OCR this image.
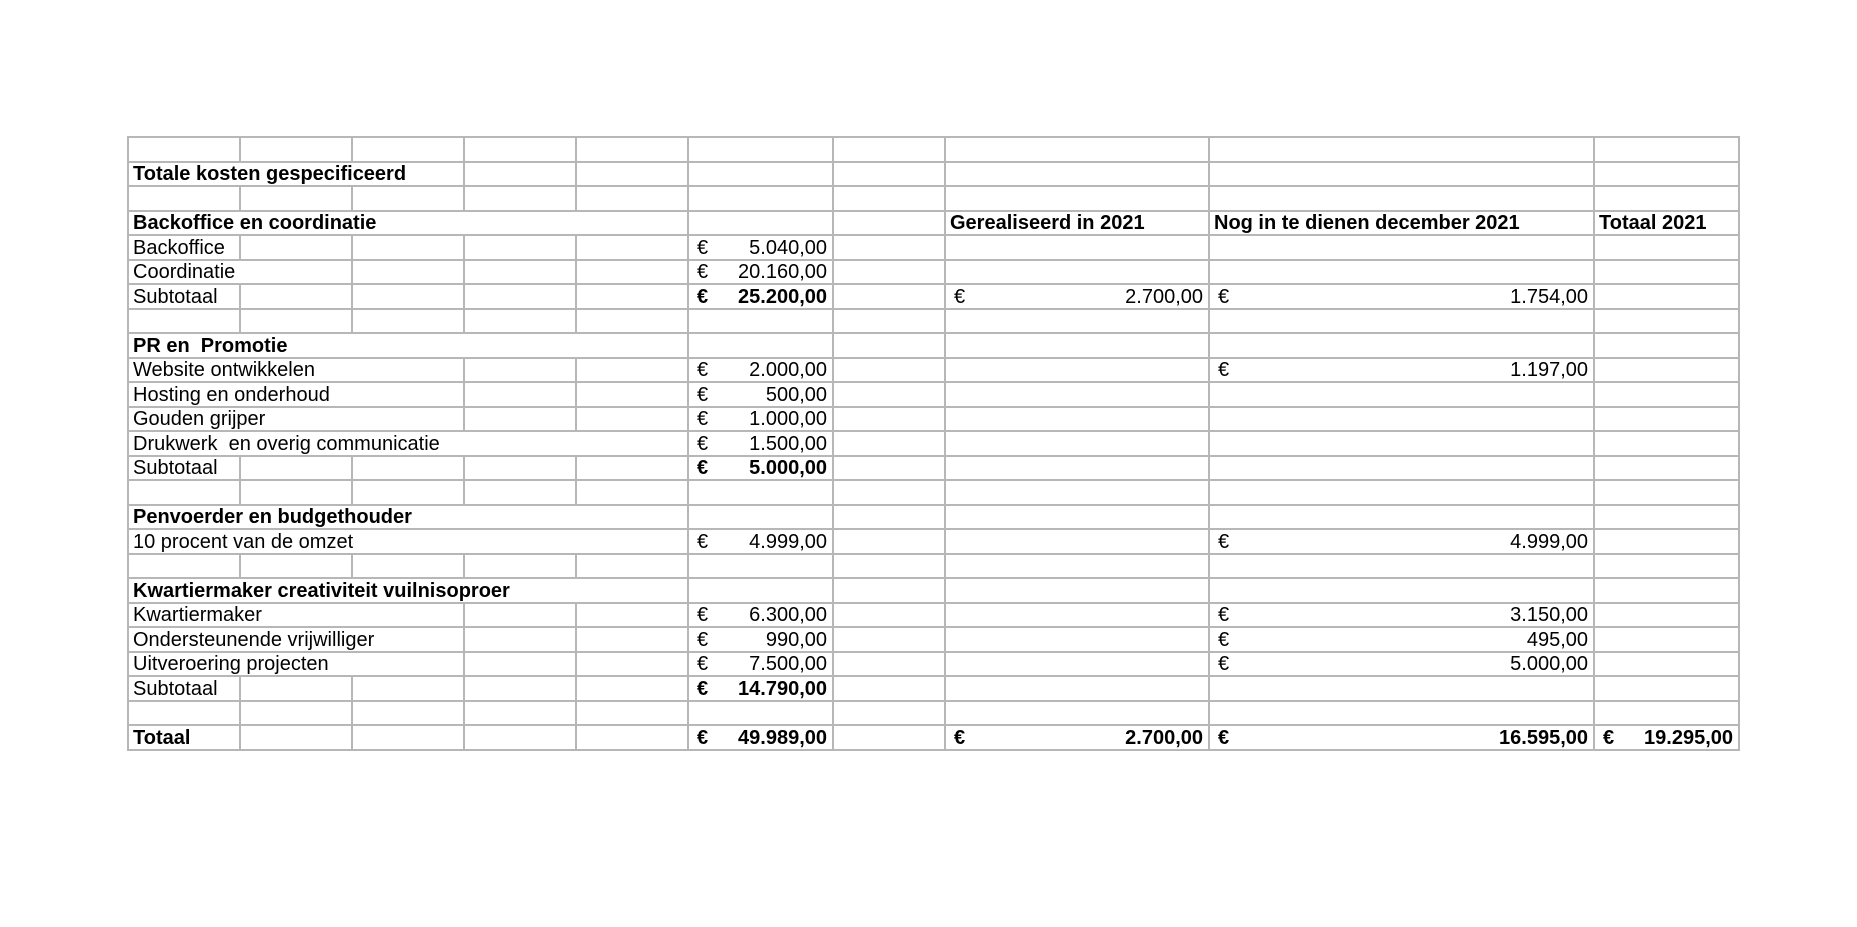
Totale kosten gespecificeerd									

Backoffice en coordinatie							Gerealiseerd in 2021	Nog in te dienen december 2021	Totaal 2021
Backoffice					€ 5.040,00				

Coordinatie					€ 20.160,00				

Subtotaal					€ 25.200,00		€ 2.700,00	€ 1.754,00	

PR en  Promotie									
Website ontwikkelen					€ 2.000,00			€ 1.197,00	

Hosting en onderhoud					€ 500,00				

Gouden grijper					€ 1.000,00				

Drukwerk  en overig communicatie					€ 1.500,00				

Subtotaal					€ 5.000,00				

Penvoerder en budgethouder									
10 procent van de omzet					€ 4.999,00			€ 4.999,00	

Kwartiermaker creativiteit vuilnisoproer									
Kwartiermaker					€ 6.300,00			€ 3.150,00	

Ondersteunende vrijwilliger					€ 990,00			€ 495,00	

Uitveroering projecten					€ 7.500,00			€ 5.000,00	

Subtotaal					€ 14.790,00				

Totaal					€ 49.989,00		€ 2.700,00	€ 16.595,00	€ 19.295,00
